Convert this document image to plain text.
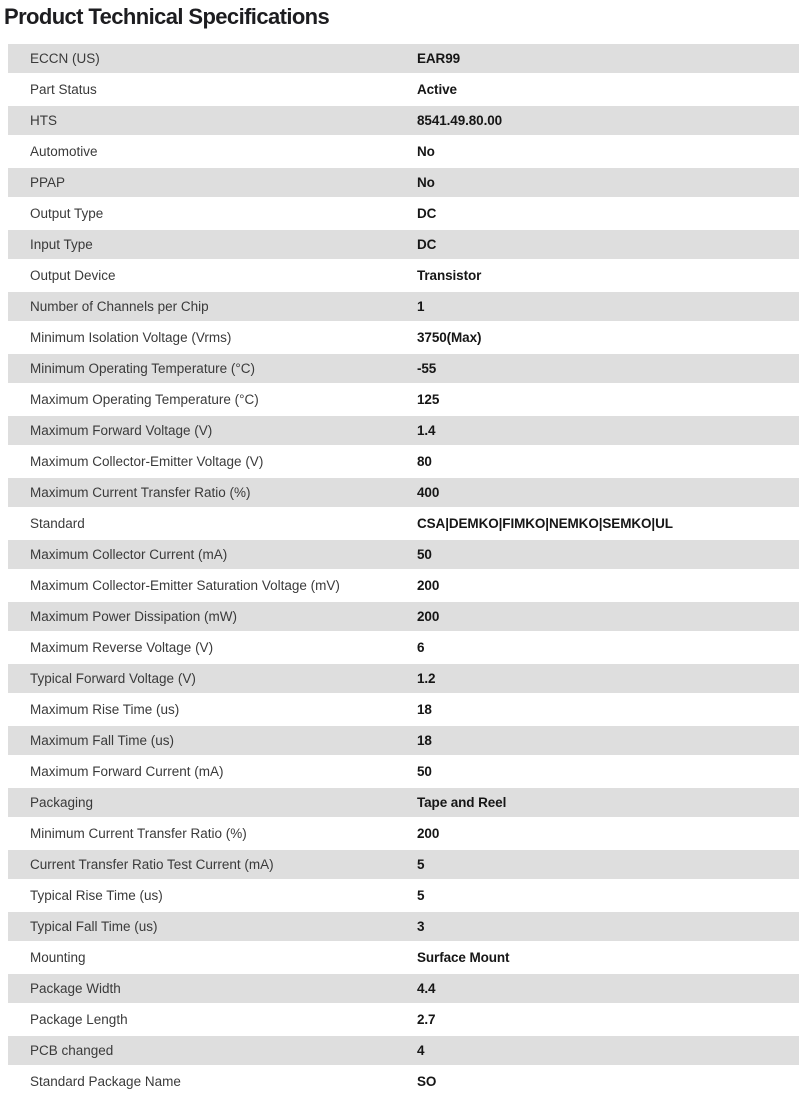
Product Technical Specifications
ECCN (US)	EAR99
Part Status	Active
HTS	8541.49.80.00
Automotive	No
PPAP	No
Output Type	DC
Input Type	DC
Output Device	Transistor
Number of Channels per Chip	1
Minimum Isolation Voltage (Vrms)	3750(Max)
Minimum Operating Temperature (°C)	-55
Maximum Operating Temperature (°C)	125
Maximum Forward Voltage (V)	1.4
Maximum Collector-Emitter Voltage (V)	80
Maximum Current Transfer Ratio (%)	400
Standard	CSA|DEMKO|FIMKO|NEMKO|SEMKO|UL
Maximum Collector Current (mA)	50
Maximum Collector-Emitter Saturation Voltage (mV)	200
Maximum Power Dissipation (mW)	200
Maximum Reverse Voltage (V)	6
Typical Forward Voltage (V)	1.2
Maximum Rise Time (us)	18
Maximum Fall Time (us)	18
Maximum Forward Current (mA)	50
Packaging	Tape and Reel
Minimum Current Transfer Ratio (%)	200
Current Transfer Ratio Test Current (mA)	5
Typical Rise Time (us)	5
Typical Fall Time (us)	3
Mounting	Surface Mount
Package Width	4.4
Package Length	2.7
PCB changed	4
Standard Package Name	SO
